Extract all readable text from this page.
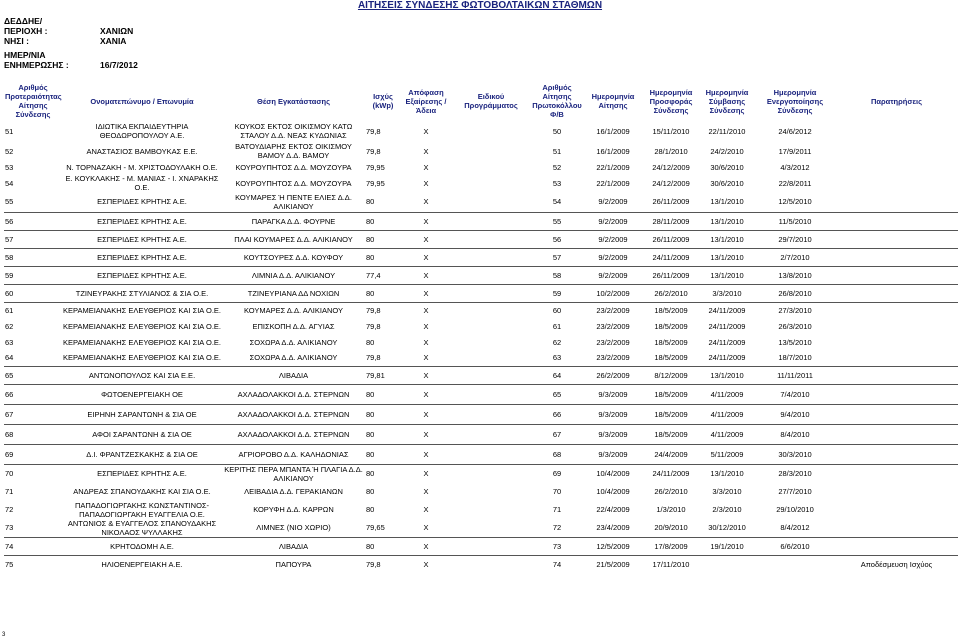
ΑΙΤΗΣΕΙΣ ΣΥΝΔΕΣΗΣ ΦΩΤΟΒΟΛΤΑΙΚΩΝ ΣΤΑΘΜΩΝ
ΔΕΔΔΗΕ/
ΠΕΡΙΟΧΗ :	ΧΑΝΙΩΝ
ΝΗΣΙ :	ΧΑΝΙΑ
ΗΜΕΡ/ΝΙΑ
ΕΝΗΜΕΡΩΣΗΣ :	16/7/2012
Αριθμός Προτεραιότητας Αίτησης Σύνδεσης	Ονοματεπώνυμο / Επωνυμία	Θέση Εγκατάστασης	Ισχύς (kWp)	Απόφαση Εξαίρεσης / Άδεια	Ειδικού Προγράμματος	Αριθμός Αίτησης Πρωτοκόλλου Φ/Β	Ημερομηνία Αίτησης	Ημερομηνία Προσφοράς Σύνδεσης	Ημερομηνία Σύμβασης Σύνδεσης	Ημερομηνία Ενεργοποίησης Σύνδεσης	Παρατηρήσεις
51	ΙΔΙΩΤΙΚΑ ΕΚΠΑΙΔΕΥΤΗΡΙΑ ΘΕΟΔΩΡΟΠΟΥΛΟΥ Α.Ε.	ΚΟΥΚΟΣ ΕΚΤΟΣ ΟΙΚΙΣΜΟΥ ΚΑΤΩ ΣΤΑΛΟΥ Δ.Δ. ΝΕΑΣ ΚΥΔΩΝΙΑΣ	79,8	Χ		50	16/1/2009	15/11/2010	22/11/2010	24/6/2012	
52	ΑΝΑΣΤΑΣΙΟΣ ΒΑΜΒΟΥΚΑΣ Ε.Ε.	ΒΑΤΟΥΔΙΑΡΗΣ ΕΚΤΟΣ ΟΙΚΙΣΜΟΥ ΒΑΜΟΥ Δ.Δ. ΒΑΜΟΥ	79,8	Χ		51	16/1/2009	28/1/2010	24/2/2010	17/9/2011	
53	Ν. ΤΟΡΝΑΖΑΚΗ - Μ. ΧΡΙΣΤΟΔΟΥΛΑΚΗ Ο.Ε.	ΚΟΥΡΟΥΠΗΤΟΣ Δ.Δ. ΜΟΥΖΟΥΡΑ	79,95	Χ		52	22/1/2009	24/12/2009	30/6/2010	4/3/2012	
54	Ε. ΚΟΥΚΛΑΚΗΣ - Μ. ΜΑΝΙΑΣ - Ι. ΧΝΑΡΑΚΗΣ Ο.Ε.	ΚΟΥΡΟΥΠΗΤΟΣ Δ.Δ. ΜΟΥΖΟΥΡΑ	79,95	Χ		53	22/1/2009	24/12/2009	30/6/2010	22/8/2011	
55	ΕΣΠΕΡΙΔΕΣ ΚΡΗΤΗΣ Α.Ε.	ΚΟΥΜΑΡΕΣ Ή ΠΕΝΤΕ ΕΛΙΕΣ Δ.Δ. ΑΛΙΚΙΑΝΟΥ	80	Χ		54	9/2/2009	26/11/2009	13/1/2010	12/5/2010	
56	ΕΣΠΕΡΙΔΕΣ ΚΡΗΤΗΣ Α.Ε.	ΠΑΡΑΓΚΑ Δ.Δ. ΦΟΥΡΝΕ	80	Χ		55	9/2/2009	28/11/2009	13/1/2010	11/5/2010	
57	ΕΣΠΕΡΙΔΕΣ ΚΡΗΤΗΣ Α.Ε.	ΠΛΑΙ ΚΟΥΜΑΡΕΣ Δ.Δ. ΑΛΙΚΙΑΝΟΥ	80	Χ		56	9/2/2009	26/11/2009	13/1/2010	29/7/2010	
58	ΕΣΠΕΡΙΔΕΣ ΚΡΗΤΗΣ Α.Ε.	ΚΟΥΤΣΟΥΡΕΣ Δ.Δ. ΚΟΥΦΟΥ	80	Χ		57	9/2/2009	24/11/2009	13/1/2010	2/7/2010	
59	ΕΣΠΕΡΙΔΕΣ ΚΡΗΤΗΣ Α.Ε.	ΛΙΜΝΙΑ Δ.Δ. ΑΛΙΚΙΑΝΟΥ	77,4	Χ		58	9/2/2009	26/11/2009	13/1/2010	13/8/2010	
60	ΤΖΙΝΕΥΡΑΚΗΣ ΣΤΥΛΙΑΝΟΣ & ΣΙΑ Ο.Ε.	ΤΖΙΝΕΥΡΙΑΝΑ ΔΔ ΝΟΧΙΩΝ	80	Χ		59	10/2/2009	26/2/2010	3/3/2010	26/8/2010	
61	ΚΕΡΑΜΕΙΑΝΑΚΗΣ ΕΛΕΥΘΕΡΙΟΣ ΚΑΙ ΣΙΑ Ο.Ε.	ΚΟΥΜΑΡΕΣ Δ.Δ. ΑΛΙΚΙΑΝΟΥ	79,8	Χ		60	23/2/2009	18/5/2009	24/11/2009	27/3/2010	
62	ΚΕΡΑΜΕΙΑΝΑΚΗΣ ΕΛΕΥΘΕΡΙΟΣ ΚΑΙ ΣΙΑ Ο.Ε.	ΕΠΙΣΚΟΠΗ Δ.Δ. ΑΓΥΙΑΣ	79,8	Χ		61	23/2/2009	18/5/2009	24/11/2009	26/3/2010	
63	ΚΕΡΑΜΕΙΑΝΑΚΗΣ ΕΛΕΥΘΕΡΙΟΣ ΚΑΙ ΣΙΑ Ο.Ε.	ΣΟΧΩΡΑ Δ.Δ. ΑΛΙΚΙΑΝΟΥ	80	Χ		62	23/2/2009	18/5/2009	24/11/2009	13/5/2010	
64	ΚΕΡΑΜΕΙΑΝΑΚΗΣ ΕΛΕΥΘΕΡΙΟΣ ΚΑΙ ΣΙΑ Ο.Ε.	ΣΟΧΩΡΑ Δ.Δ. ΑΛΙΚΙΑΝΟΥ	79,8	Χ		63	23/2/2009	18/5/2009	24/11/2009	18/7/2010	
65	ΑΝΤΩΝΟΠΟΥΛΟΣ ΚΑΙ ΣΙΑ Ε.Ε.	ΛΙΒΑΔΙΑ	79,81	Χ		64	26/2/2009	8/12/2009	13/1/2010	11/11/2011	
66	ΦΩΤΟΕΝΕΡΓΕΙΑΚΗ ΟΕ	ΑΧΛΑΔΟΛΑΚΚΟΙ Δ.Δ. ΣΤΕΡΝΩΝ	80	Χ		65	9/3/2009	18/5/2009	4/11/2009	7/4/2010	
67	ΕΙΡΗΝΗ ΣΑΡΑΝΤΩΝΗ & ΣΙΑ ΟΕ	ΑΧΛΑΔΟΛΑΚΚΟΙ Δ.Δ. ΣΤΕΡΝΩΝ	80	Χ		66	9/3/2009	18/5/2009	4/11/2009	9/4/2010	
68	ΑΦΟΙ ΣΑΡΑΝΤΩΝΗ & ΣΙΑ ΟΕ	ΑΧΛΑΔΟΛΑΚΚΟΙ Δ.Δ. ΣΤΕΡΝΩΝ	80	Χ		67	9/3/2009	18/5/2009	4/11/2009	8/4/2010	
69	Δ.Ι. ΦΡΑΝΤΖΕΣΚΑΚΗΣ & ΣΙΑ ΟΕ	ΑΓΡΙΟΡΟΒΟ Δ.Δ. ΚΑΛΗΔΟΝΙΑΣ	80	Χ		68	9/3/2009	24/4/2009	5/11/2009	30/3/2010	
70	ΕΣΠΕΡΙΔΕΣ ΚΡΗΤΗΣ Α.Ε.	ΚΕΡΙΤΗΣ ΠΕΡΑ ΜΠΑΝΤΑ Ή ΠΛΑΓΙΑ Δ.Δ. ΑΛΙΚΙΑΝΟΥ	80	Χ		69	10/4/2009	24/11/2009	13/1/2010	28/3/2010	
71	ΑΝΔΡΕΑΣ ΣΠΑΝΟΥΔΑΚΗΣ ΚΑΙ ΣΙΑ Ο.Ε.	ΛΕΙΒΑΔΙΑ Δ.Δ. ΓΕΡΑΚΙΑΝΩΝ	80	Χ		70	10/4/2009	26/2/2010	3/3/2010	27/7/2010	
72	ΠΑΠΑΔΟΓΙΩΡΓΑΚΗΣ ΚΩΝΣΤΑΝΤΙΝΟΣ-ΠΑΠΑΔΟΓΙΩΡΓΑΚΗ ΕΥΑΓΓΕΛΙΑ Ο.Ε.	ΚΟΡΥΦΗ Δ.Δ. ΚΑΡΡΩΝ	80	Χ		71	22/4/2009	1/3/2010	2/3/2010	29/10/2010	
73	ΑΝΤΩΝΙΟΣ & ΕΥΑΓΓΕΛΟΣ ΣΠΑΝΟΥΔΑΚΗΣ ΝΙΚΟΛΑΟΣ ΨΥΛΛΑΚΗΣ	ΛΙΜΝΕΣ (ΝΙΟ ΧΩΡΙΟ)	79,65	Χ		72	23/4/2009	20/9/2010	30/12/2010	8/4/2012	
74	ΚΡΗΤΟΔΟΜΗ Α.Ε.	ΛΙΒΑΔΙΑ	80	Χ		73	12/5/2009	17/8/2009	19/1/2010	6/6/2010	
75	ΗΛΙΟΕΝΕΡΓΕΙΑΚΗ Α.Ε.	ΠΑΠΟΥΡΑ	79,8	Χ		74	21/5/2009	17/11/2010			Αποδέσμευση Ισχύος
3
